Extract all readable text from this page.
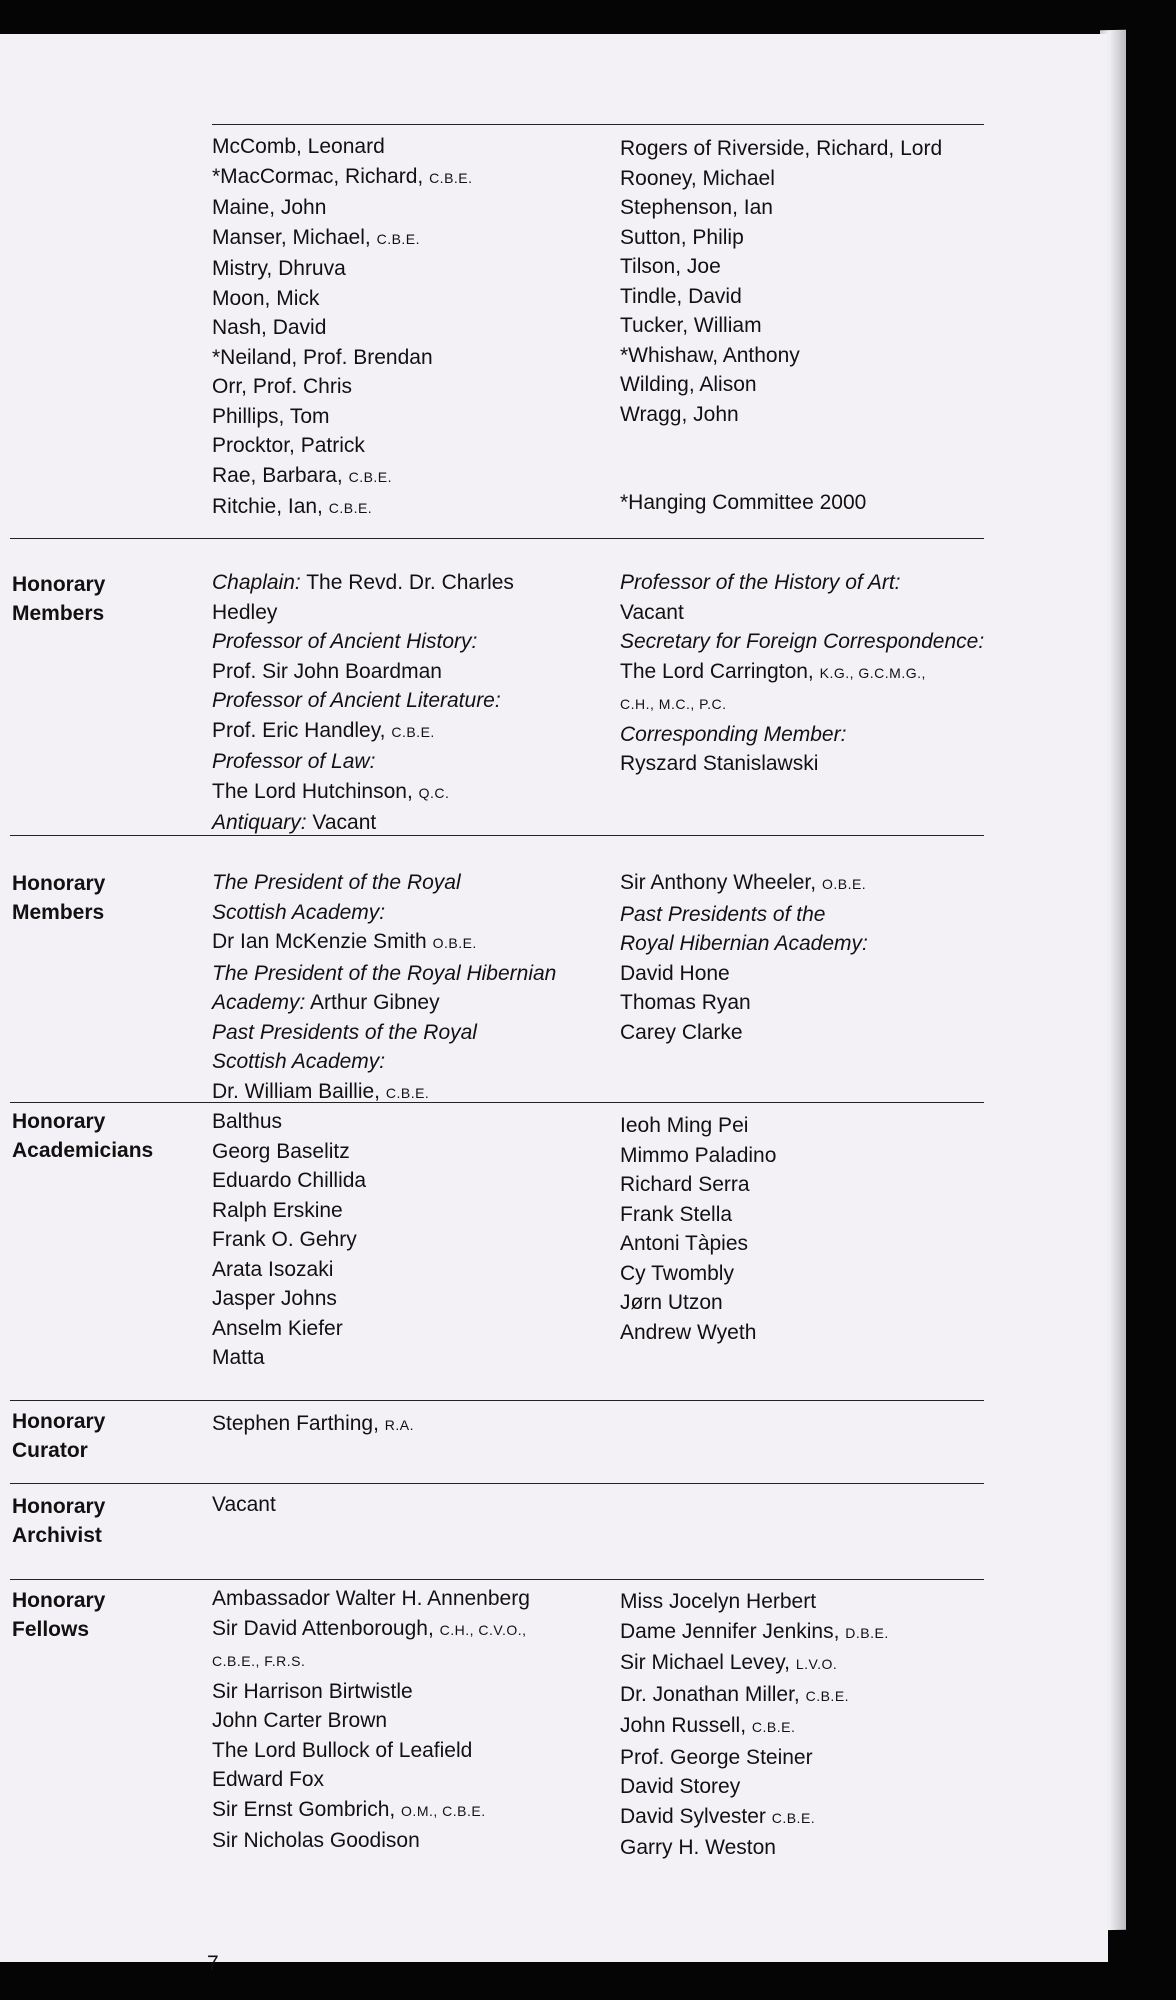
McComb, Leonard
*MacCormac, Richard, C.B.E.
Maine, John
Manser, Michael, C.B.E.
Mistry, Dhruva
Moon, Mick
Nash, David
*Neiland, Prof. Brendan
Orr, Prof. Chris
Phillips, Tom
Procktor, Patrick
Rae, Barbara, C.B.E.
Ritchie, Ian, C.B.E.
Rogers of Riverside, Richard, Lord
Rooney, Michael
Stephenson, Ian
Sutton, Philip
Tilson, Joe
Tindle, David
Tucker, William
*Whishaw, Anthony
Wilding, Alison
Wragg, John

*Hanging Committee 2000
Honorary Members
Chaplain: The Revd. Dr. Charles
Hedley
Professor of Ancient History:
Prof. Sir John Boardman
Professor of Ancient Literature:
Prof. Eric Handley, C.B.E.
Professor of Law:
The Lord Hutchinson, Q.C.
Antiquary: Vacant
Professor of the History of Art:
Vacant
Secretary for Foreign Correspondence:
The Lord Carrington, K.G., G.C.M.G.,
C.H., M.C., P.C.
Corresponding Member:
Ryszard Stanislawski
Honorary Members
The President of the Royal
Scottish Academy:
Dr Ian McKenzie Smith O.B.E.
The President of the Royal Hibernian
Academy: Arthur Gibney
Past Presidents of the Royal
Scottish Academy:
Dr. William Baillie, C.B.E.
Sir Anthony Wheeler, O.B.E.
Past Presidents of the
Royal Hibernian Academy:
David Hone
Thomas Ryan
Carey Clarke
Honorary Academicians
Balthus
Georg Baselitz
Eduardo Chillida
Ralph Erskine
Frank O. Gehry
Arata Isozaki
Jasper Johns
Anselm Kiefer
Matta
Ieoh Ming Pei
Mimmo Paladino
Richard Serra
Frank Stella
Antoni Tàpies
Cy Twombly
Jørn Utzon
Andrew Wyeth
Honorary Curator
Stephen Farthing, R.A.
Honorary Archivist
Vacant
Honorary Fellows
Ambassador Walter H. Annenberg
Sir David Attenborough, C.H., C.V.O.,
C.B.E., F.R.S.
Sir Harrison Birtwistle
John Carter Brown
The Lord Bullock of Leafield
Edward Fox
Sir Ernst Gombrich, O.M., C.B.E.
Sir Nicholas Goodison
Miss Jocelyn Herbert
Dame Jennifer Jenkins, D.B.E.
Sir Michael Levey, L.V.O.
Dr. Jonathan Miller, C.B.E.
John Russell, C.B.E.
Prof. George Steiner
David Storey
David Sylvester C.B.E.
Garry H. Weston
7
